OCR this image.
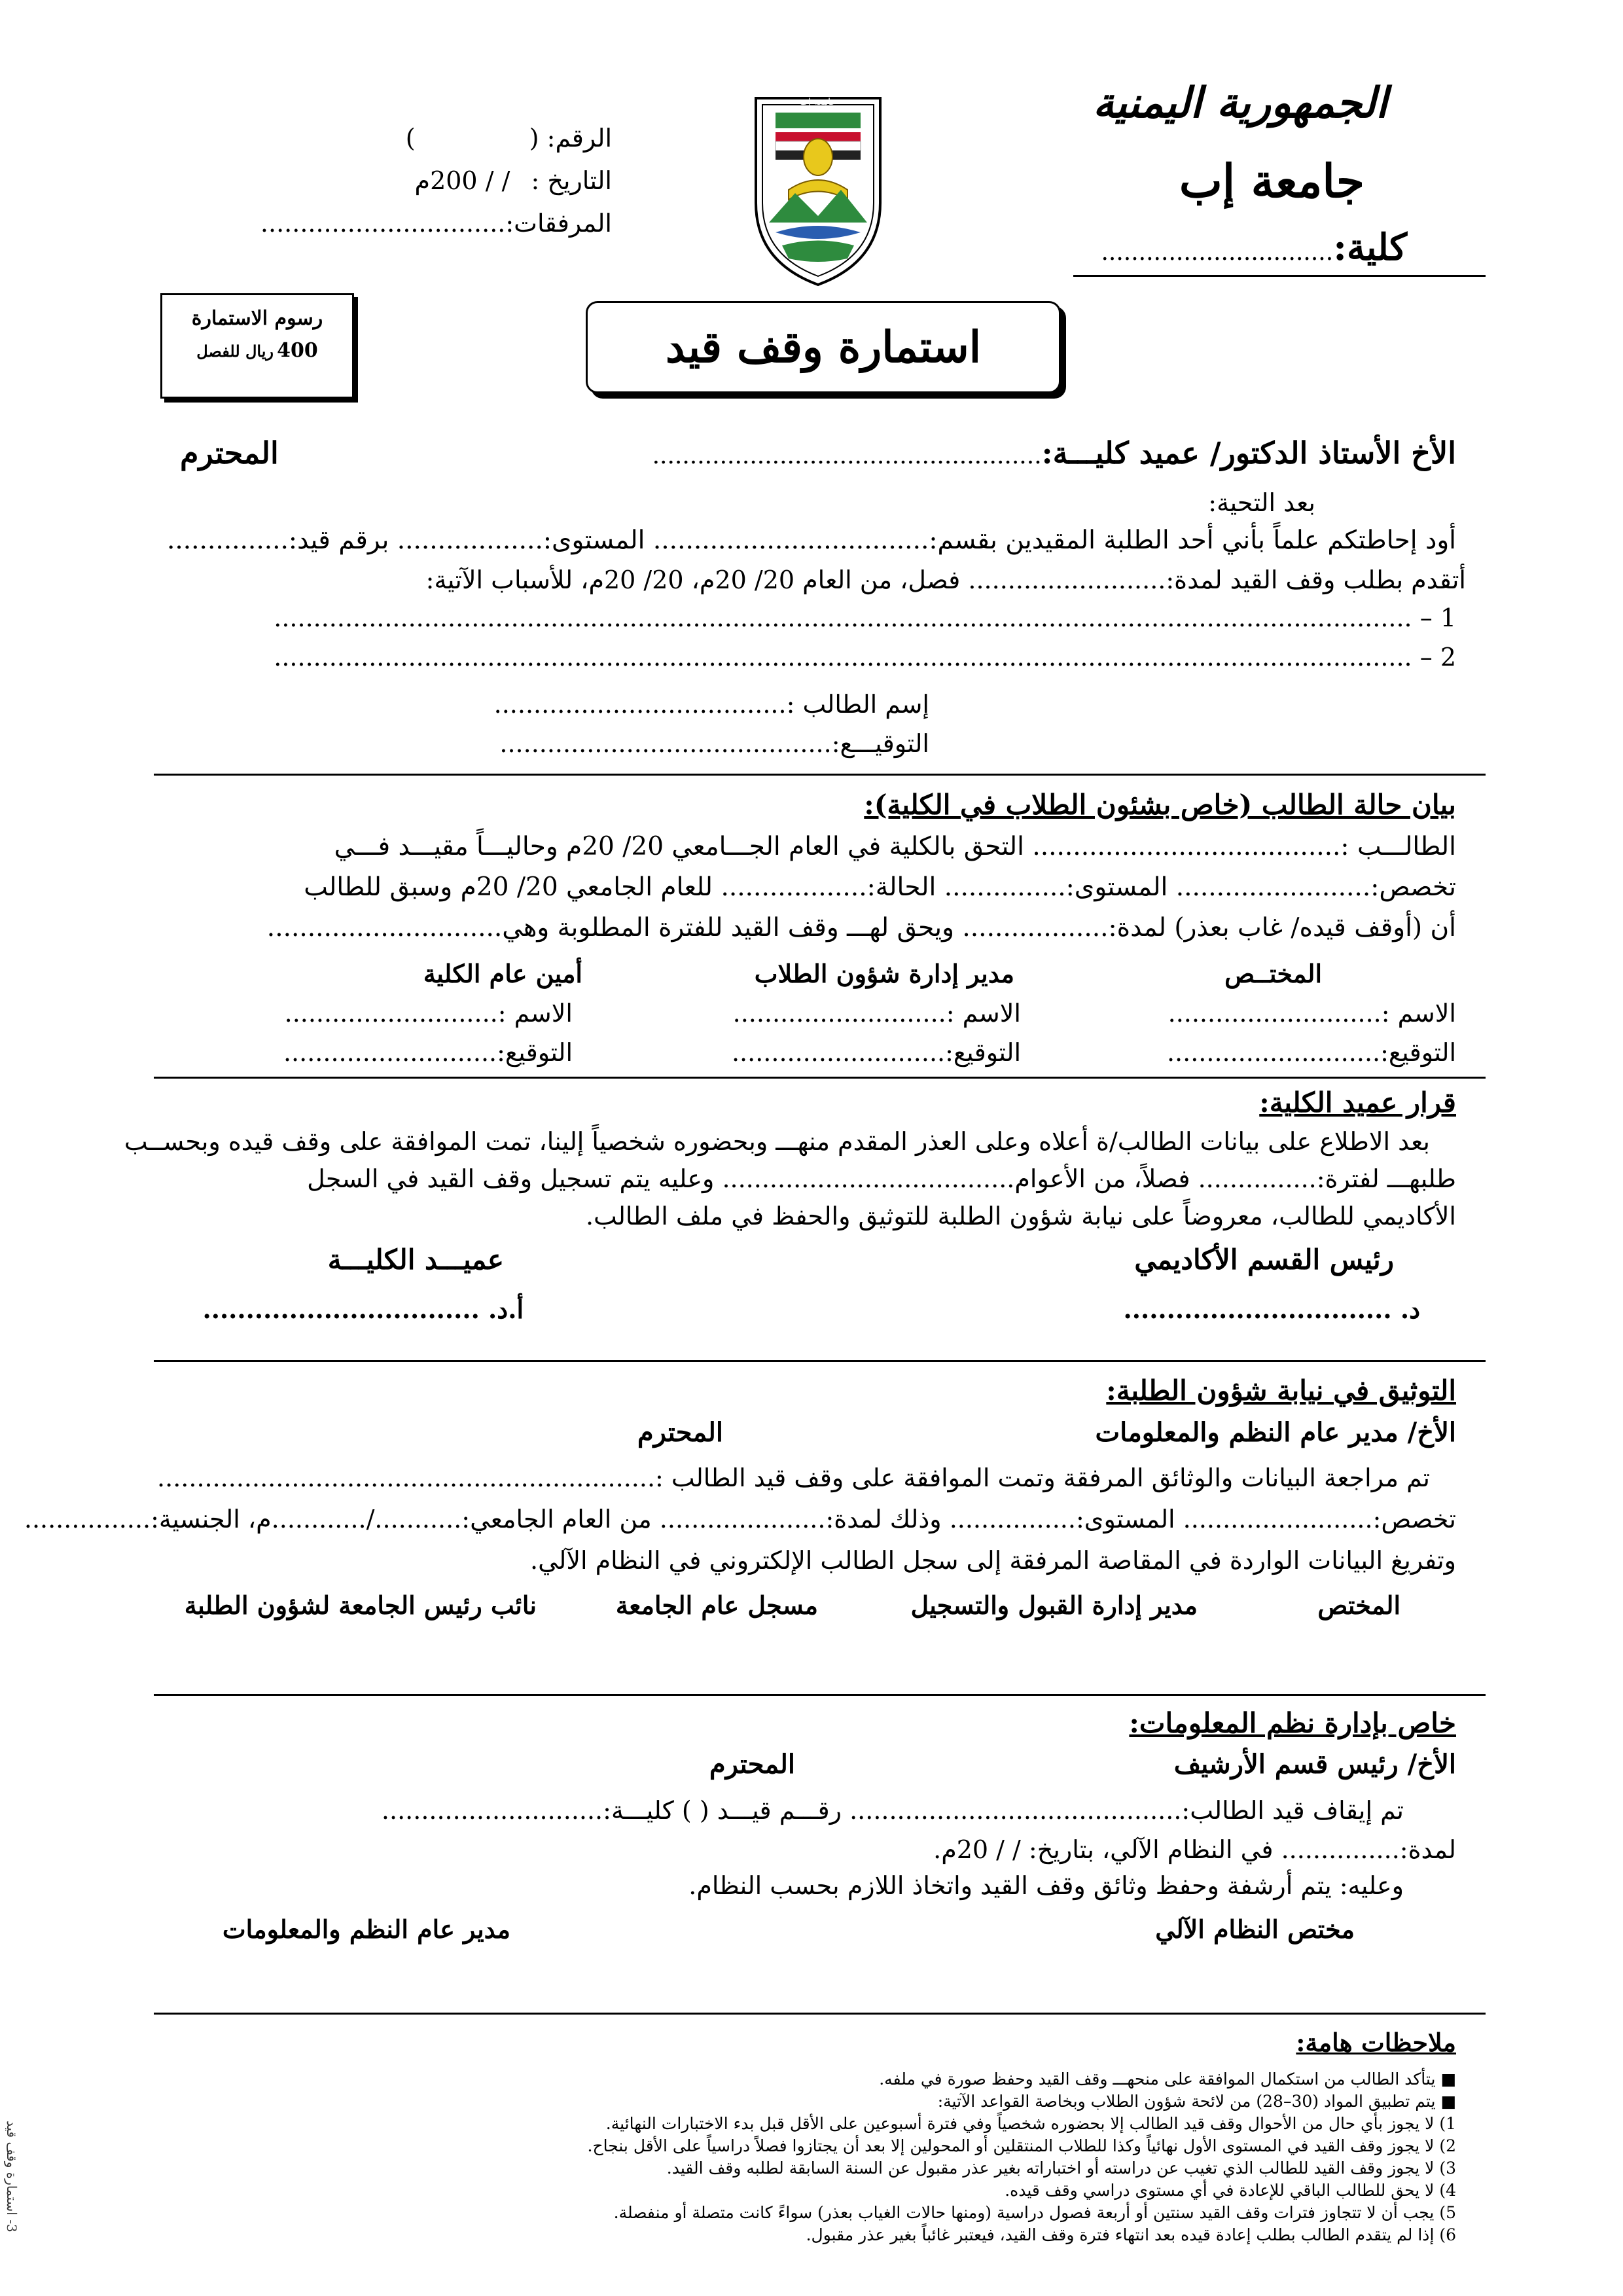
الجمهورية اليمنية
جامعة إب
كلية:...............................
جامعة إب
الرقم: (  )
التاريخ : / / 200م
المرفقات:...............................
رسوم الاستمارة
400 ريال للفصل	استمارة وقف قيد
الأخ الأستاذ الدكتور/ عميد كليـــة:....................................................
المحترم
بعد التحية:
أود إحاطتكم علماً بأني أحد الطلبة المقيدين بقسم:.................................. المستوى:.................. برقم قيد:...............
أتقدم بطلب وقف القيد لمدة:......................... فصل، من العام 20/ 20م، 20/ 20م، للأسباب الآتية:
1 – ................................................................................................................................................
2 – ................................................................................................................................................
إسم الطالب :.....................................
التوقيـــع:..........................................
بيان حالة الطالب (خاص بشئون الطلاب في الكلية):
الطالـــب :...................................... التحق بالكلية في العام الجـــامعي 20/ 20م وحاليـــاً مقيـــد فـــي
تخصص:........................ المستوى:............... الحالة:.................. للعام الجامعي 20/ 20م وسبق للطالب
أن (أوقف قيده/ غاب بعذر) لمدة:.................. ويحق لهـــ وقف القيد للفترة المطلوبة وهي.............................
المختــص
مدير إدارة شؤون الطلاب
أمين عام الكلية
الاسم :...........................
الاسم :...........................
الاسم :...........................
التوقيع:...........................
التوقيع:...........................
التوقيع:...........................
قرار عميد الكلية:
بعد الاطلاع على بيانات الطالب/ة أعلاه وعلى العذر المقدم منهـــ وبحضوره شخصياً إلينا، تمت الموافقة على وقف قيده وبحســب
طلبهـــ لفترة:............... فصلاً، من الأعوام..................................... وعليه يتم تسجيل وقف القيد في السجل
الأكاديمي للطالب، معروضاً على نيابة شؤون الطلبة للتوثيق والحفظ في ملف الطالب.
رئيس القسم الأكاديمي
عميـــد الكليـــة
د. ...............................
أ.د. ................................
التوثيق في نيابة شؤون الطلبة:
الأخ/ مدير عام النظم والمعلومات
المحترم
تم مراجعة البيانات والوثائق المرفقة وتمت الموافقة على وقف قيد الطالب :...............................................................
تخصص:........................ المستوى:................ وذلك لمدة:..................... من العام الجامعي:.........../............م، الجنسية:................
وتفريغ البيانات الواردة في المقاصة المرفقة إلى سجل الطالب الإلكتروني في النظام الآلي.
المختص
مدير إدارة القبول والتسجيل
مسجل عام الجامعة
نائب رئيس الجامعة لشؤون الطلبة
خاص بإدارة نظم المعلومات:
الأخ/ رئيس قسم الأرشيف
المحترم
تم إيقاف قيد الطالب:.......................................... رقـــم قيـــد ( ) كليـــة:............................
لمدة:............... في النظام الآلي، بتاريخ: / / 20م.
وعليه: يتم أرشفة وحفظ وثائق وقف القيد واتخاذ اللازم بحسب النظام.
مختص النظام الآلي
مدير عام النظم والمعلومات
ملاحظات هامة:
■ يتأكد الطالب من استكمال الموافقة على منحهـــ وقف القيد وحفظ صورة في ملفه.
■ يتم تطبيق المواد (30–28) من لائحة شؤون الطلاب وبخاصة القواعد الآتية:
1) لا يجوز بأي حال من الأحوال وقف قيد الطالب إلا بحضوره شخصياً وفي فترة أسبوعين على الأقل قبل بدء الاختبارات النهائية.
2) لا يجوز وقف القيد في المستوى الأول نهائياً وكذا للطلاب المنتقلين أو المحولين إلا بعد أن يجتازوا فصلاً دراسياً على الأقل بنجاح.
3) لا يجوز وقف القيد للطالب الذي تغيب عن دراسته أو اختباراته بغير عذر مقبول عن السنة السابقة لطلبه وقف القيد.
4) لا يحق للطالب الباقي للإعادة في أي مستوى دراسي وقف قيده.
5) يجب أن لا تتجاوز فترات وقف القيد سنتين أو أربعة فصول دراسية (ومنها حالات الغياب بعذر) سواءً كانت متصلة أو منفصلة.
6) إذا لم يتقدم الطالب بطلب إعادة قيده بعد انتهاء فترة وقف القيد، فيعتبر غائباً بغير عذر مقبول.
3- استمارة وقف قيد
